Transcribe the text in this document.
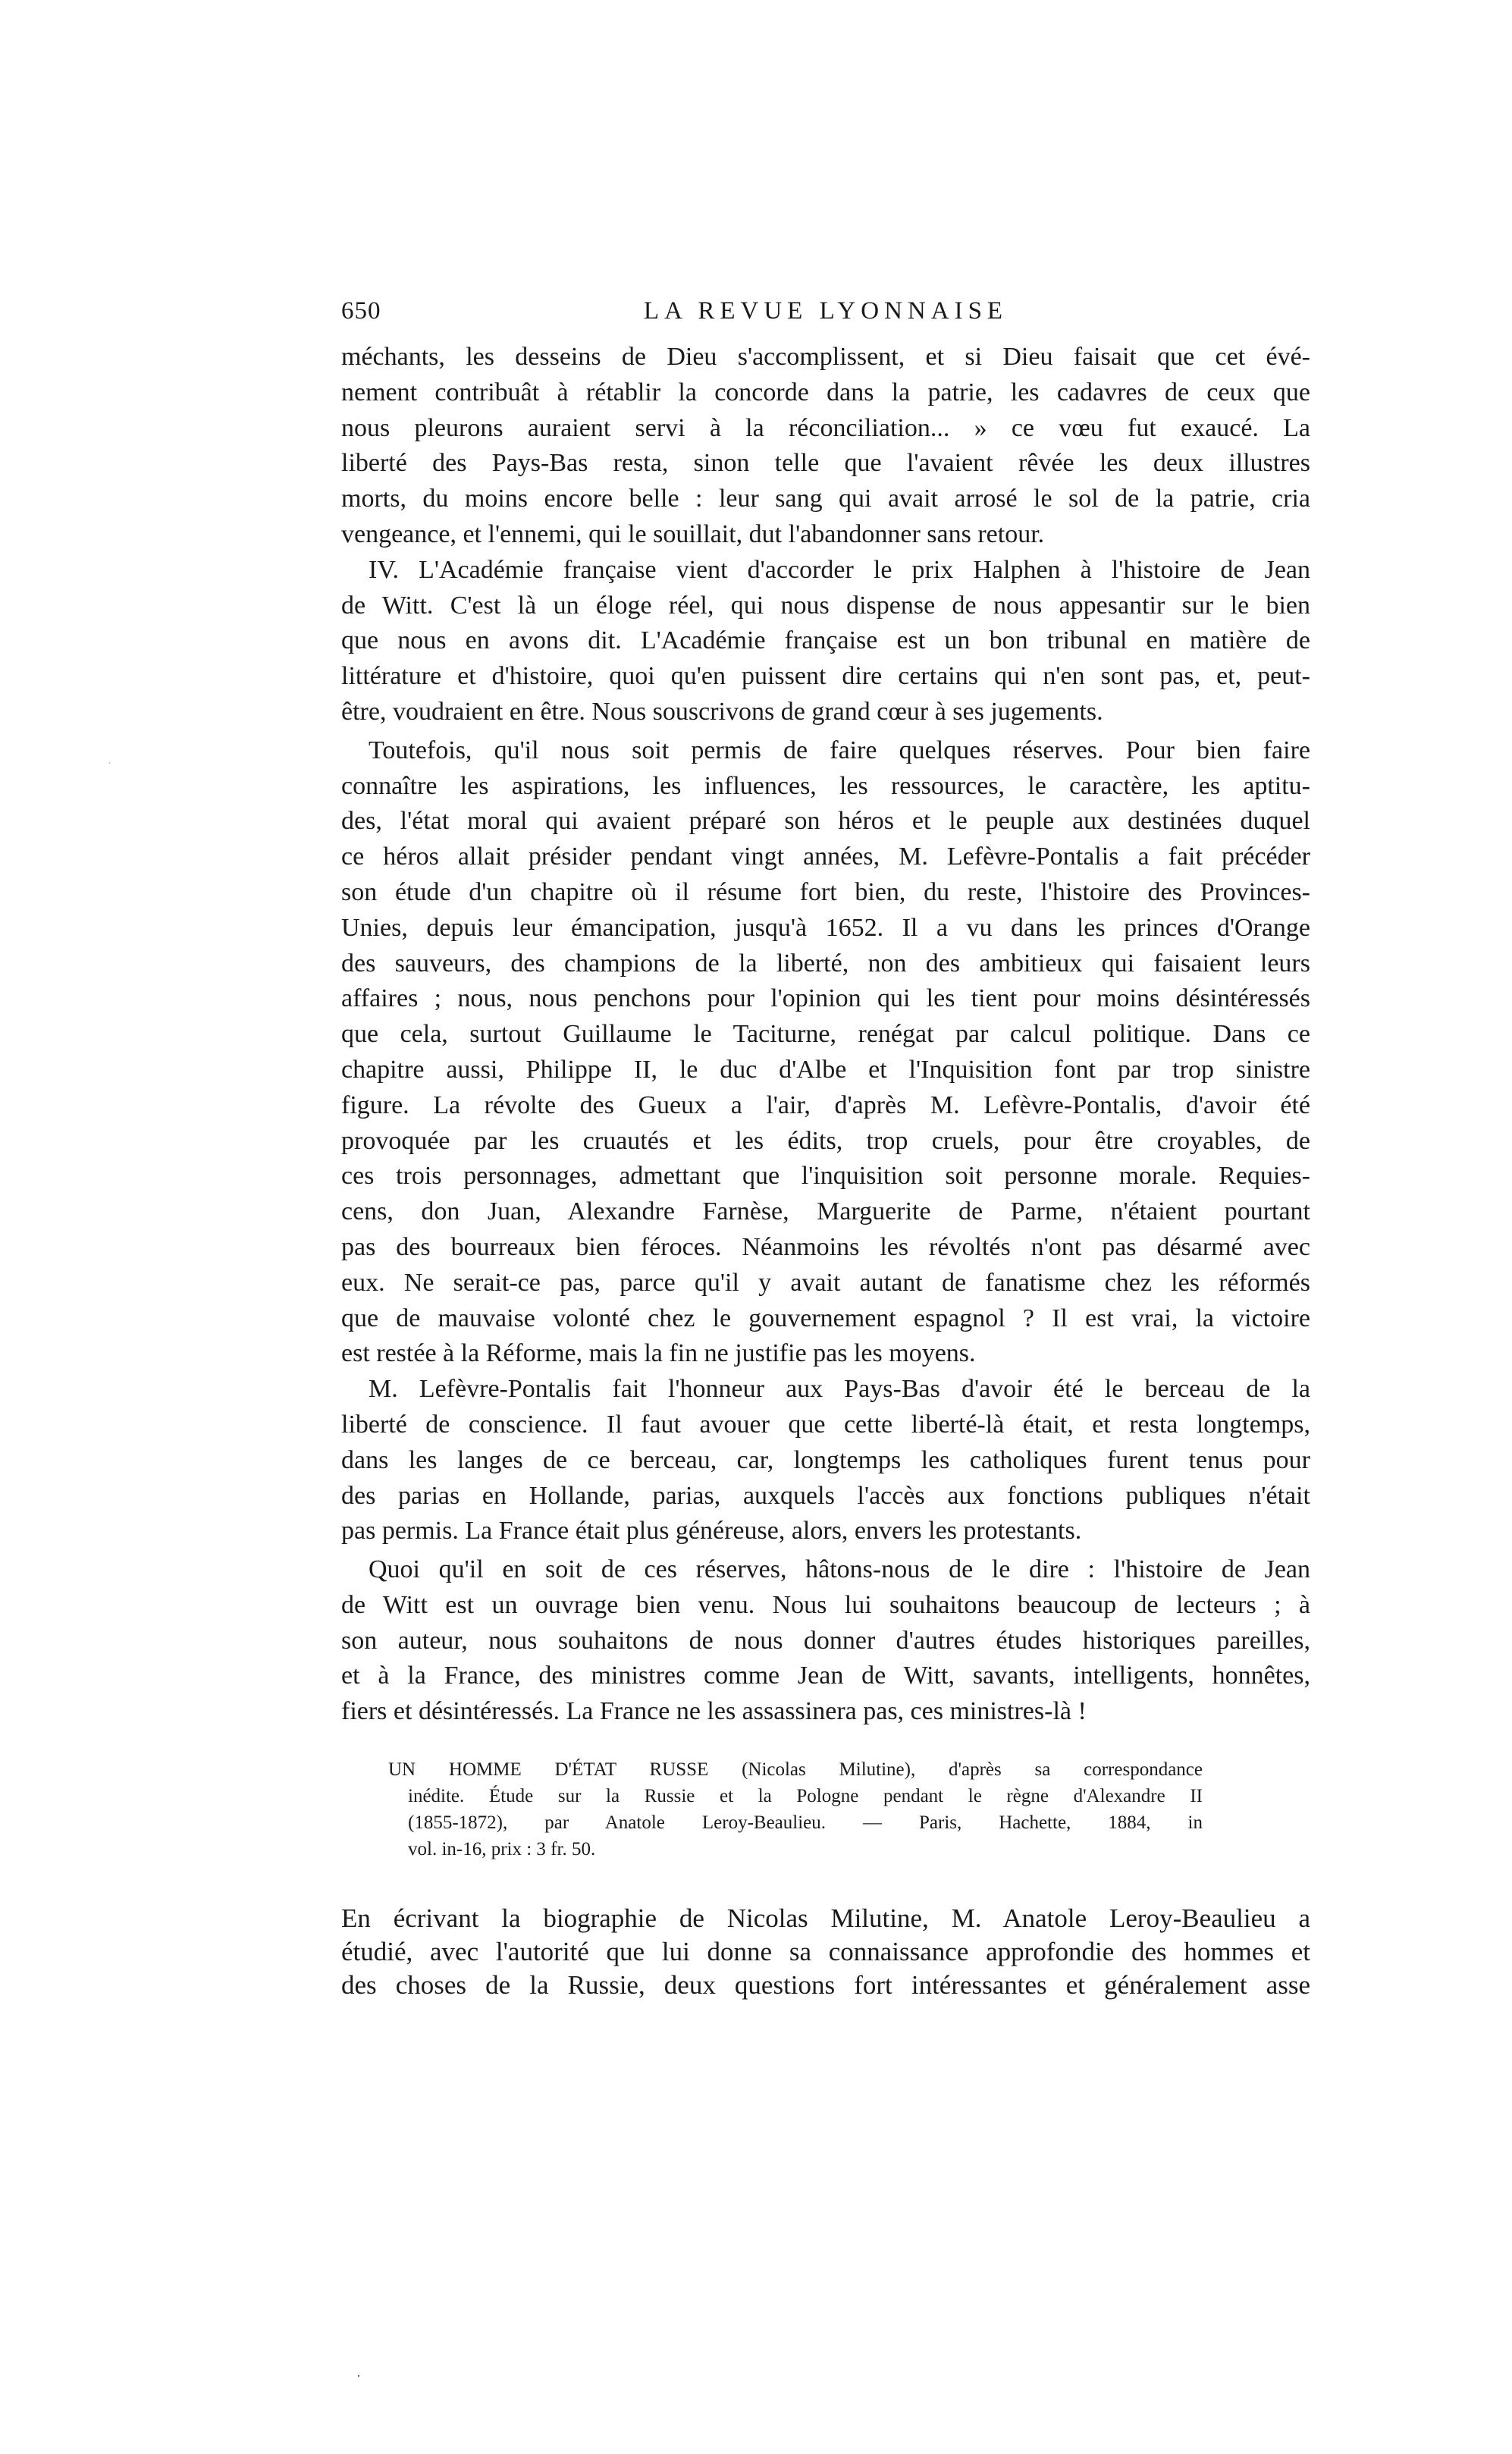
650	LA REVUE LYONNAISE
méchants, les desseins de Dieu s'accomplissent, et si Dieu faisait que cet évé-
nement contribuât à rétablir la concorde dans la patrie, les cadavres de ceux que
nous pleurons auraient servi à la réconciliation... » ce vœu fut exaucé. La
liberté des Pays-Bas resta, sinon telle que l'avaient rêvée les deux illustres
morts, du moins encore belle : leur sang qui avait arrosé le sol de la patrie, cria
vengeance, et l'ennemi, qui le souillait, dut l'abandonner sans retour.
IV. L'Académie française vient d'accorder le prix Halphen à l'histoire de Jean
de Witt. C'est là un éloge réel, qui nous dispense de nous appesantir sur le bien
que nous en avons dit. L'Académie française est un bon tribunal en matière de
littérature et d'histoire, quoi qu'en puissent dire certains qui n'en sont pas, et, peut-
être, voudraient en être. Nous souscrivons de grand cœur à ses jugements.
Toutefois, qu'il nous soit permis de faire quelques réserves. Pour bien faire
connaître les aspirations, les influences, les ressources, le caractère, les aptitu-
des, l'état moral qui avaient préparé son héros et le peuple aux destinées duquel
ce héros allait présider pendant vingt années, M. Lefèvre-Pontalis a fait précéder
son étude d'un chapitre où il résume fort bien, du reste, l'histoire des Provinces-
Unies, depuis leur émancipation, jusqu'à 1652. Il a vu dans les princes d'Orange
des sauveurs, des champions de la liberté, non des ambitieux qui faisaient leurs
affaires ; nous, nous penchons pour l'opinion qui les tient pour moins désintéressés
que cela, surtout Guillaume le Taciturne, renégat par calcul politique. Dans ce
chapitre aussi, Philippe II, le duc d'Albe et l'Inquisition font par trop sinistre
figure. La révolte des Gueux a l'air, d'après M. Lefèvre-Pontalis, d'avoir été
provoquée par les cruautés et les édits, trop cruels, pour être croyables, de
ces trois personnages, admettant que l'inquisition soit personne morale. Requies-
cens, don Juan, Alexandre Farnèse, Marguerite de Parme, n'étaient pourtant
pas des bourreaux bien féroces. Néanmoins les révoltés n'ont pas désarmé avec
eux. Ne serait-ce pas, parce qu'il y avait autant de fanatisme chez les réformés
que de mauvaise volonté chez le gouvernement espagnol ? Il est vrai, la victoire
est restée à la Réforme, mais la fin ne justifie pas les moyens.
M. Lefèvre-Pontalis fait l'honneur aux Pays-Bas d'avoir été le berceau de la
liberté de conscience. Il faut avouer que cette liberté-là était, et resta longtemps,
dans les langes de ce berceau, car, longtemps les catholiques furent tenus pour
des parias en Hollande, parias, auxquels l'accès aux fonctions publiques n'était
pas permis. La France était plus généreuse, alors, envers les protestants.
Quoi qu'il en soit de ces réserves, hâtons-nous de le dire : l'histoire de Jean
de Witt est un ouvrage bien venu. Nous lui souhaitons beaucoup de lecteurs ; à
son auteur, nous souhaitons de nous donner d'autres études historiques pareilles,
et à la France, des ministres comme Jean de Witt, savants, intelligents, honnêtes,
fiers et désintéressés. La France ne les assassinera pas, ces ministres-là !
UN HOMME D'ÉTAT RUSSE (Nicolas Milutine), d'après sa correspondance
inédite. Étude sur la Russie et la Pologne pendant le règne d'Alexandre II
(1855-1872), par Anatole Leroy-Beaulieu. — Paris, Hachette, 1884, in
vol. in-16, prix : 3 fr. 50.
En écrivant la biographie de Nicolas Milutine, M. Anatole Leroy-Beaulieu a
étudié, avec l'autorité que lui donne sa connaissance approfondie des hommes et
des choses de la Russie, deux questions fort intéressantes et généralement asse
·
·
